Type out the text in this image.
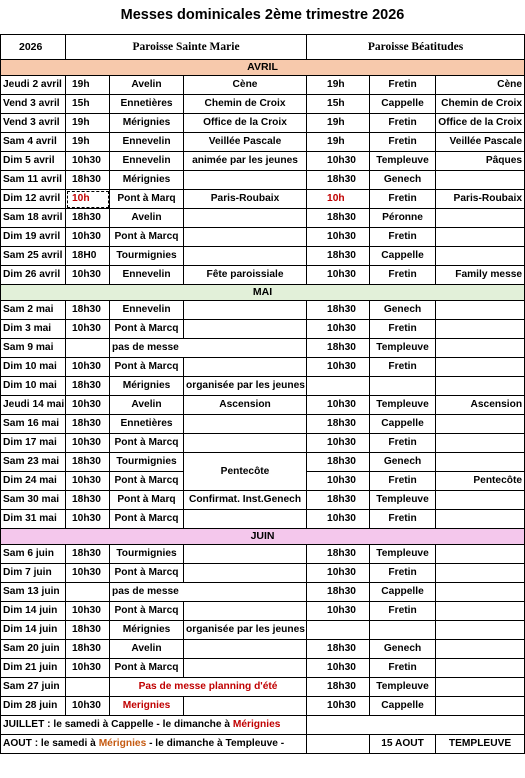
Messes dominicales 2ème trimestre 2026
2026	Paroisse Sainte Marie			Paroisse Béatitudes		
AVRIL						
Jeudi 2 avril	19h	Avelin	Cène	19h	Fretin	Cène
Vend 3 avril	15h	Ennetières	Chemin de Croix	15h	Cappelle	Chemin de Croix
Vend 3 avril	19h	Mérignies	Office de la Croix	19h	Fretin	Office de la Croix
Sam 4 avril	19h	Ennevelin	Veillée Pascale	19h	Fretin	Veillée Pascale
Dim 5 avril	10h30	Ennevelin	animée par les jeunes	10h30	Templeuve	Pâques
Sam 11 avril	18h30	Mérignies		18h30	Genech	
Dim 12 avril	10h	Pont à Marq	Paris-Roubaix	10h	Fretin	Paris-Roubaix
Sam 18 avril	18h30	Avelin		18h30	Péronne	
Dim 19 avril	10h30	Pont à Marcq		10h30	Fretin	
Sam 25 avril	18H0	Tourmignies		18h30	Cappelle	
Dim 26 avril	10h30	Ennevelin	Fête paroissiale	10h30	Fretin	Family messe
MAI						
Sam 2 mai	18h30	Ennevelin		18h30	Genech	
Dim 3 mai	10h30	Pont à Marcq		10h30	Fretin	
Sam 9 mai		pas de messe		18h30	Templeuve	
Dim 10 mai	10h30	Pont à Marcq		10h30	Fretin	
Dim 10 mai	18h30	Mérignies	organisée par les jeunes			
Jeudi 14 mai	10h30	Avelin	Ascension	10h30	Templeuve	Ascension
Sam 16 mai	18h30	Ennetières		18h30	Cappelle	
Dim 17 mai	10h30	Pont à Marcq		10h30	Fretin	
Sam 23 mai	18h30	Tourmignies	Pentecôte	18h30	Genech	
Dim 24 mai	10h30	Pont à Marcq		10h30	Fretin	Pentecôte
Sam 30 mai	18h30	Pont à Marq	Confirmat. Inst.Genech	18h30	Templeuve	
Dim 31 mai	10h30	Pont à Marcq		10h30	Fretin	
JUIN						
Sam 6 juin	18h30	Tourmignies		18h30	Templeuve	
Dim 7 juin	10h30	Pont à Marcq		10h30	Fretin	
Sam 13 juin		pas de messe		18h30	Cappelle	
Dim 14 juin	10h30	Pont à Marcq		10h30	Fretin	
Dim 14 juin	18h30	Mérignies	organisée par les jeunes			
Sam 20 juin	18h30	Avelin		18h30	Genech	
Dim 21 juin	10h30	Pont à Marcq		10h30	Fretin	
Sam 27 juin		Pas de messe planning d'été		18h30	Templeuve	
Dim 28 juin	10h30	Merignies		10h30	Cappelle	
JUILLET : le samedi à Cappelle - le dimanche à Mérignies						
AOUT : le samedi à Mérignies - le dimanche à Templeuve -					15 AOUT	TEMPLEUVE
